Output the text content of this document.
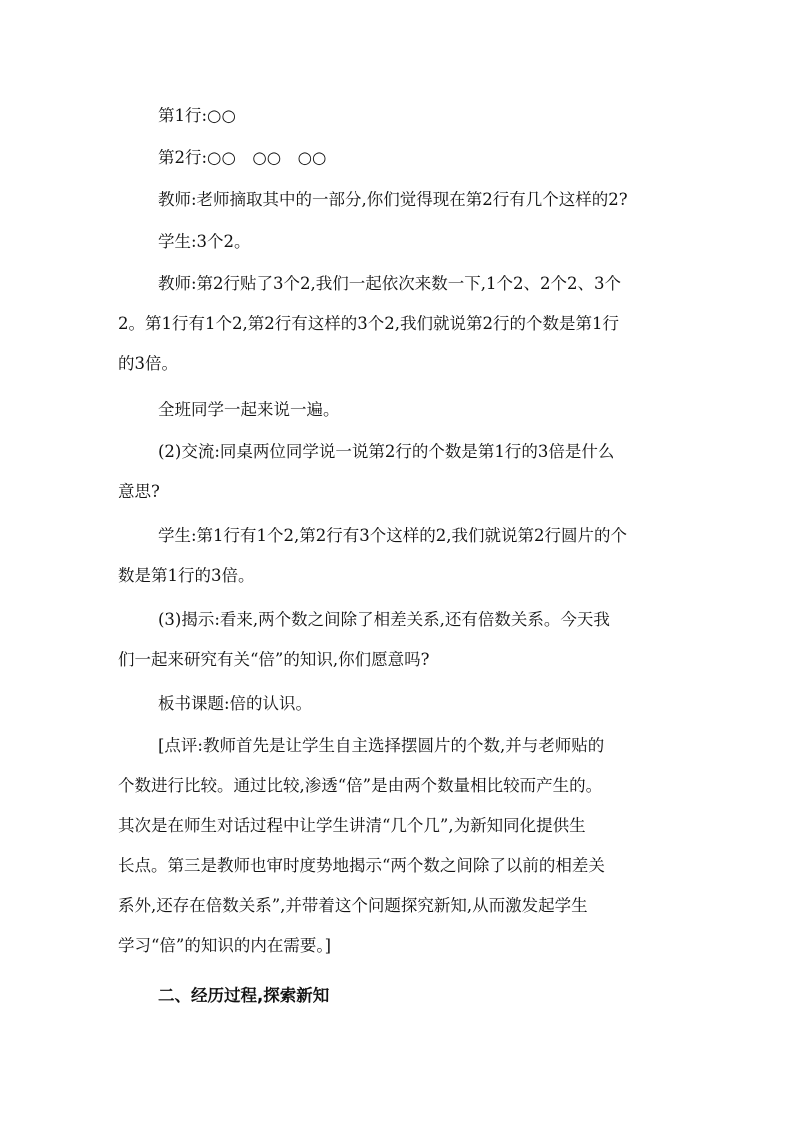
第1行:○○
第2行:○○　○○　○○
教师:老师摘取其中的一部分,你们觉得现在第2行有几个这样的2?
学生:3个2。
教师:第2行贴了3个2,我们一起依次来数一下,1个2、2个2、3个
2。第1行有1个2,第2行有这样的3个2,我们就说第2行的个数是第1行
的3倍。
全班同学一起来说一遍。
(2)交流:同桌两位同学说一说第2行的个数是第1行的3倍是什么
意思?
学生:第1行有1个2,第2行有3个这样的2,我们就说第2行圆片的个
数是第1行的3倍。
(3)揭示:看来,两个数之间除了相差关系,还有倍数关系。今天我
们一起来研究有关“倍”的知识,你们愿意吗?
板书课题:倍的认识。
[点评:教师首先是让学生自主选择摆圆片的个数,并与老师贴的
个数进行比较。通过比较,渗透“倍”是由两个数量相比较而产生的。
其次是在师生对话过程中让学生讲清“几个几”,为新知同化提供生
长点。第三是教师也审时度势地揭示“两个数之间除了以前的相差关
系外,还存在倍数关系”,并带着这个问题探究新知,从而激发起学生
学习“倍”的知识的内在需要。]
二、经历过程,探索新知
